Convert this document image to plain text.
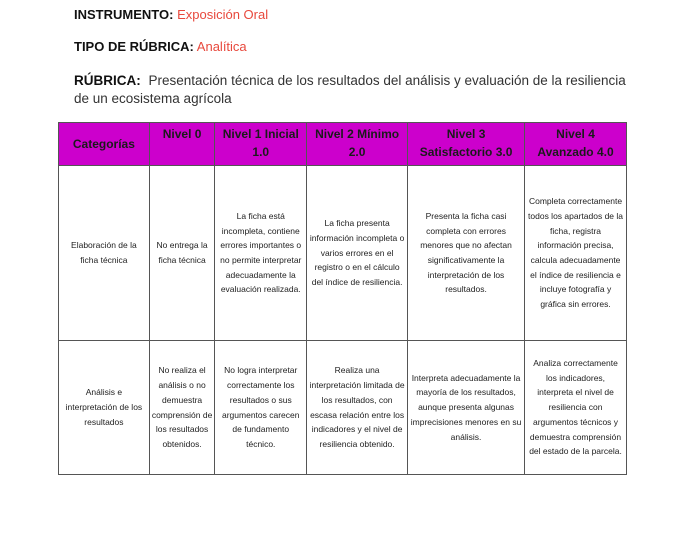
INSTRUMENTO: Exposición Oral
TIPO DE RÚBRICA: Analítica
RÚBRICA: Presentación técnica de los resultados del análisis y evaluación de la resiliencia de un ecosistema agrícola
Categorías	Nivel 0	Nivel 1 Inicial 1.0	Nivel 2 Mínimo 2.0	Nivel 3 Satisfactorio 3.0	Nivel 4 Avanzado 4.0
Elaboración de la ficha técnica	No entrega la ficha técnica	La ficha está incompleta, contiene errores importantes o no permite interpretar adecuadamente la evaluación realizada.	La ficha presenta información incompleta o varios errores en el registro o en el cálculo del índice de resiliencia.	Presenta la ficha casi completa con errores menores que no afectan significativamente la interpretación de los resultados.	Completa correctamente todos los apartados de la ficha, registra información precisa, calcula adecuadamente el índice de resiliencia e incluye fotografía y gráfica sin errores.
Análisis e interpretación de los resultados	No realiza el análisis o no demuestra comprensión de los resultados obtenidos.	No logra interpretar correctamente los resultados o sus argumentos carecen de fundamento técnico.	Realiza una interpretación limitada de los resultados, con escasa relación entre los indicadores y el nivel de resiliencia obtenido.	Interpreta adecuadamente la mayoría de los resultados, aunque presenta algunas imprecisiones menores en su análisis.	Analiza correctamente los indicadores, interpreta el nivel de resiliencia con argumentos técnicos y demuestra comprensión del estado de la parcela.
